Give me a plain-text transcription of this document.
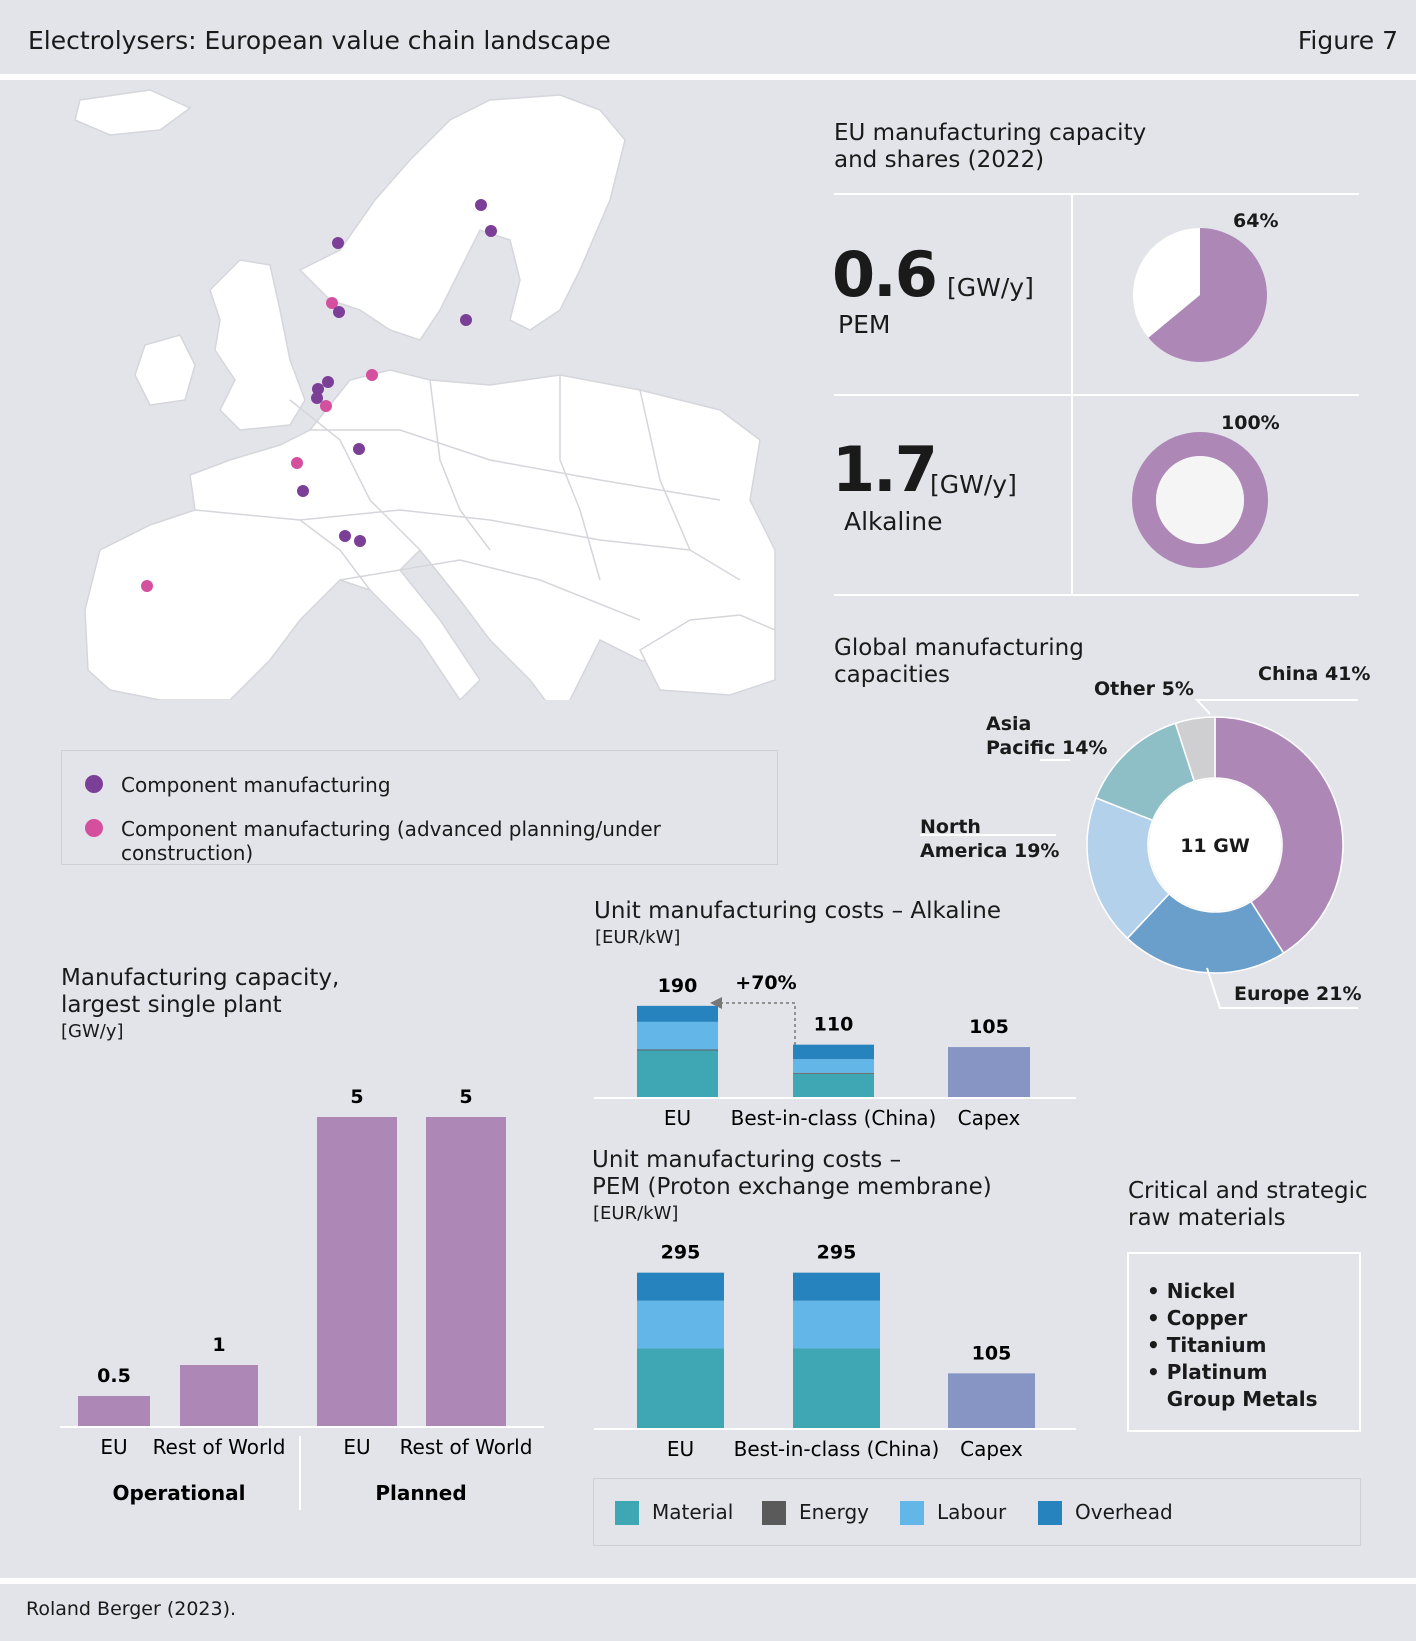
Electrolysers: European value chain landscape	Figure 7
Component manufacturing
Component manufacturing (advanced planning/under construction)
EU manufacturing capacity and shares (2022)
0.6 [GW/y]
PEM
64%
1.7
[GW/y]
Alkaline
100%
Global manufacturing capacities
11 GW
China 41%
Other 5%
Asia
Pacific 14%
North
America 19%
Europe 21%
Manufacturing capacity,
largest single plant
[GW/y]
0.5
EU
1
Rest of World
5
EU
5
Rest of World
Operational	Planned
Unit manufacturing costs – Alkaline
[EUR/kW]
190
EU
110
Best-in-class (China)
105
Capex
+70%
Unit manufacturing costs –
PEM (Proton exchange membrane)
[EUR/kW]
295
EU
295
Best-in-class (China)
105
Capex
Critical and strategic
raw materials
• Nickel
• Copper
• Titanium
• Platinum
Group Metals
Material	Energy	Labour	Overhead
Roland Berger (2023).
